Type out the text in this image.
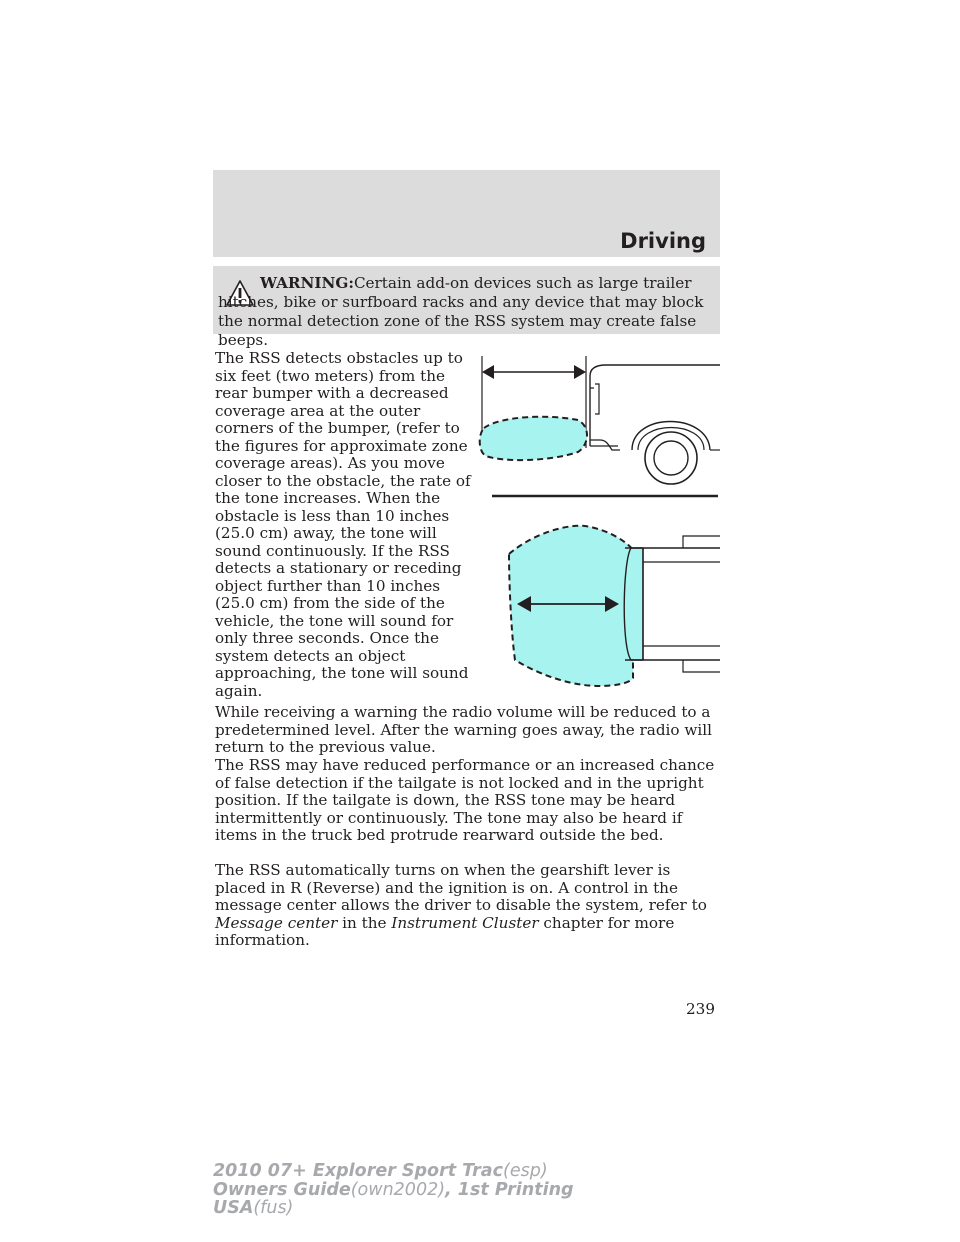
Driving

WARNING:Certain add-on devices such as large trailer hitches, bike or surfboard racks and any device that may block the normal detection zone of the RSS system may create false beeps.

The RSS detects obstacles up to six feet (two meters) from the rear bumper with a decreased coverage area at the outer corners of the bumper, (refer to the figures for approximate zone coverage areas). As you move closer to the obstacle, the rate of the tone increases. When the obstacle is less than 10 inches (25.0 cm) away, the tone will sound continuously. If the RSS detects a stationary or receding object further than 10 inches (25.0 cm) from the side of the vehicle, the tone will sound for only three seconds. Once the system detects an object approaching, the tone will sound again.

While receiving a warning the radio volume will be reduced to a predetermined level. After the warning goes away, the radio will return to the previous value.

The RSS may have reduced performance or an increased chance of false detection if the tailgate is not locked and in the upright position. If the tailgate is down, the RSS tone may be heard intermittently or continuously. The tone may also be heard if items in the truck bed protrude rearward outside the bed.

The RSS automatically turns on when the gearshift lever is placed in R (Reverse) and the ignition is on. A control in the message center allows the driver to disable the system, refer to Message center in the Instrument Cluster chapter for more information.

239

2010 07+ Explorer Sport Trac(esp)
Owners Guide(own2002), 1st Printing
USA(fus)
